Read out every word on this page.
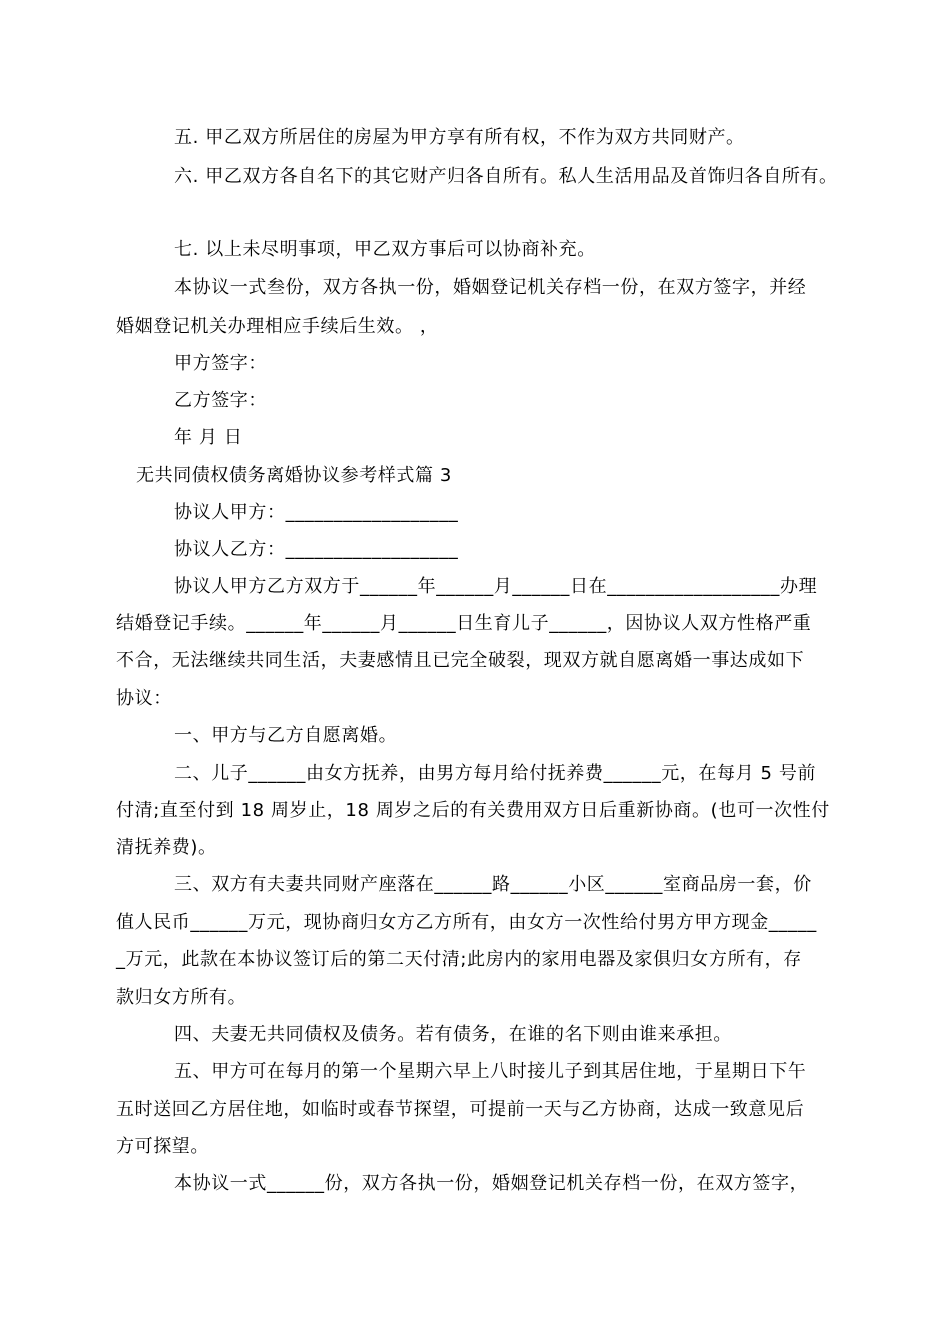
五. 甲乙双方所居住的房屋为甲方享有所有权，不作为双方共同财产。
六. 甲乙双方各自名下的其它财产归各自所有。私人生活用品及首饰归各自所有。
七. 以上未尽明事项，甲乙双方事后可以协商补充。
本协议一式叁份，双方各执一份，婚姻登记机关存档一份，在双方签字，并经
婚姻登记机关办理相应手续后生效。 ，
甲方签字：
乙方签字：
年 月 日
无共同债权债务离婚协议参考样式篇 3
协议人甲方：__________________
协议人乙方：__________________
协议人甲方乙方双方于______年______月______日在__________________办理
结婚登记手续。______年______月______日生育儿子______，因协议人双方性格严重
不合，无法继续共同生活，夫妻感情且已完全破裂，现双方就自愿离婚一事达成如下
协议：
一、甲方与乙方自愿离婚。
二、儿子______由女方抚养，由男方每月给付抚养费______元，在每月 5 号前
付清;直至付到 18 周岁止，18 周岁之后的有关费用双方日后重新协商。(也可一次性付
清抚养费)。
三、双方有夫妻共同财产座落在______路______小区______室商品房一套，价
值人民币______万元，现协商归女方乙方所有，由女方一次性给付男方甲方现金_____
_万元，此款在本协议签订后的第二天付清;此房内的家用电器及家俱归女方所有，存
款归女方所有。
四、夫妻无共同债权及债务。若有债务，在谁的名下则由谁来承担。
五、甲方可在每月的第一个星期六早上八时接儿子到其居住地，于星期日下午
五时送回乙方居住地，如临时或春节探望，可提前一天与乙方协商，达成一致意见后
方可探望。
本协议一式______份，双方各执一份，婚姻登记机关存档一份，在双方签字，
